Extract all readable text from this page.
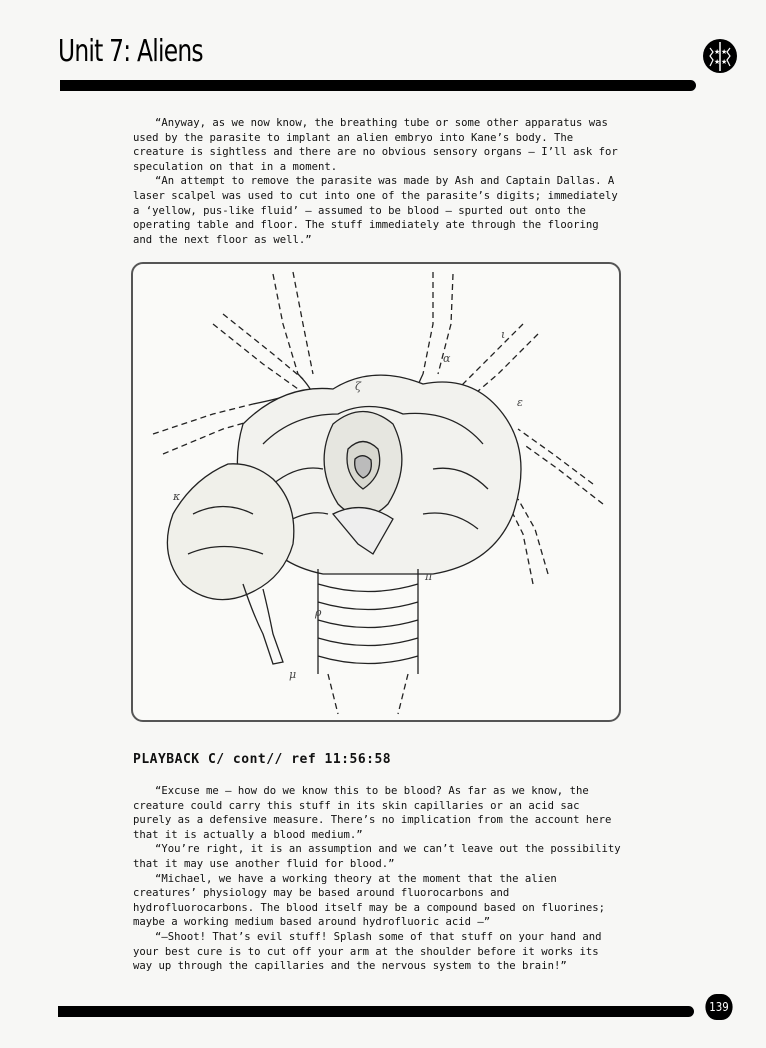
Unit 7: Aliens	★ ★
★ ★

“Anyway, as we now know, the breathing tube or some other apparatus was used by the parasite to implant an alien embryo into Kane’s body. The creature is sightless and there are no obvious sensory organs – I’ll ask for speculation on that in a moment.

“An attempt to remove the parasite was made by Ash and Captain Dallas. A laser scalpel was used to cut into one of the parasite’s digits; immediately a ‘yellow, pus-like fluid’ – assumed to be blood – spurted out onto the operating table and floor. The stuff immediately ate through the flooring and the next floor as well.”

α
ζ
ι
ε
κ
ρ
π
μ
PLAYBACK C/ cont// ref 11:56:58

“Excuse me – how do we know this to be blood? As far as we know, the creature could carry this stuff in its skin capillaries or an acid sac purely as a defensive measure. There’s no implication from the account here that it is actually a blood medium.”

“You’re right, it is an assumption and we can’t leave out the possibility that it may use another fluid for blood.”

“Michael, we have a working theory at the moment that the alien creatures’ physiology may be based around fluorocarbons and hydrofluorocarbons. The blood itself may be a compound based on fluorines; maybe a working medium based around hydrofluoric acid –”

“–Shoot! That’s evil stuff! Splash some of that stuff on your hand and your best cure is to cut off your arm at the shoulder before it works its way up through the capillaries and the nervous system to the brain!”

139
